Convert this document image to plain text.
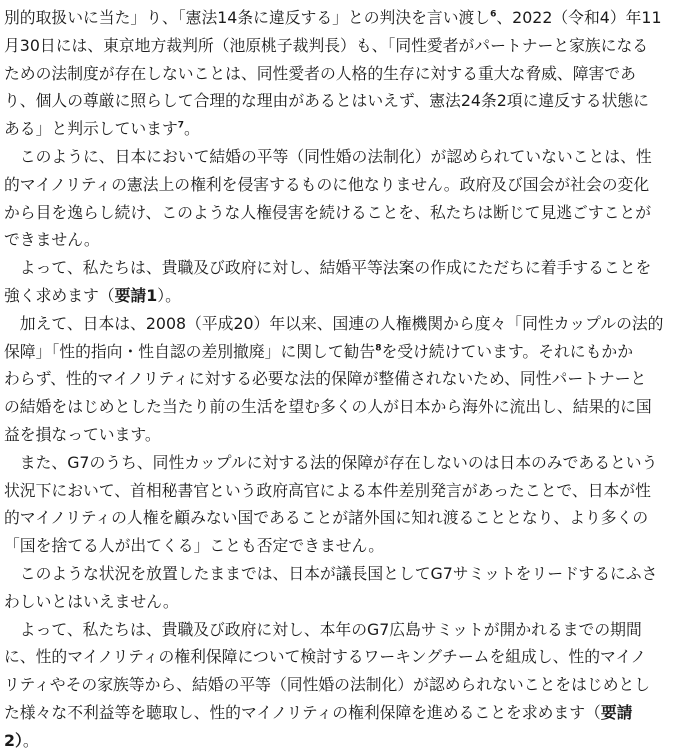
別的取扱いに当た」り、「憲法14条に違反する」との判決を言い渡し$^6$、2022（令和4）年11
月30日には、東京地方裁判所（池原桃子裁判長）も、「同性愛者がパートナーと家族になる
ための法制度が存在しないことは、同性愛者の人格的生存に対する重大な脅威、障害であ
り、個人の尊厳に照らして合理的な理由があるとはいえず、憲法24条2項に違反する状態に
ある」と判示しています$^7$。
　このように、日本において結婚の平等（同性婚の法制化）が認められていないことは、性
的マイノリティの憲法上の権利を侵害するものに他なりません。政府及び国会が社会の変化
から目を逸らし続け、このような人権侵害を続けることを、私たちは断じて見逃ごすことが
できません。
　よって、私たちは、貴職及び政府に対し、結婚平等法案の作成にただちに着手することを
強く求めます（要請1）。
　加えて、日本は、2008（平成20）年以来、国連の人権機関から度々「同性カップルの法的
保障」「性的指向・性自認の差別撤廃」に関して勧告$^8$を受け続けています。それにもかか
わらず、性的マイノリティに対する必要な法的保障が整備されないため、同性パートナーと
の結婚をはじめとした当たり前の生活を望む多くの人が日本から海外に流出し、結果的に国
益を損なっています。
　また、G7のうち、同性カップルに対する法的保障が存在しないのは日本のみであるという
状況下において、首相秘書官という政府高官による本件差別発言があったことで、日本が性
的マイノリティの人権を顧みない国であることが諸外国に知れ渡ることとなり、より多くの
「国を捨てる人が出てくる」ことも否定できません。
　このような状況を放置したままでは、日本が議長国としてG7サミットをリードするにふさ
わしいとはいえません。
　よって、私たちは、貴職及び政府に対し、本年のG7広島サミットが開かれるまでの期間
に、性的マイノリティの権利保障について検討するワーキングチームを組成し、性的マイノ
リティやその家族等から、結婚の平等（同性婚の法制化）が認められないことをはじめとし
た様々な不利益等を聴取し、性的マイノリティの権利保障を進めることを求めます（要請
2）。
